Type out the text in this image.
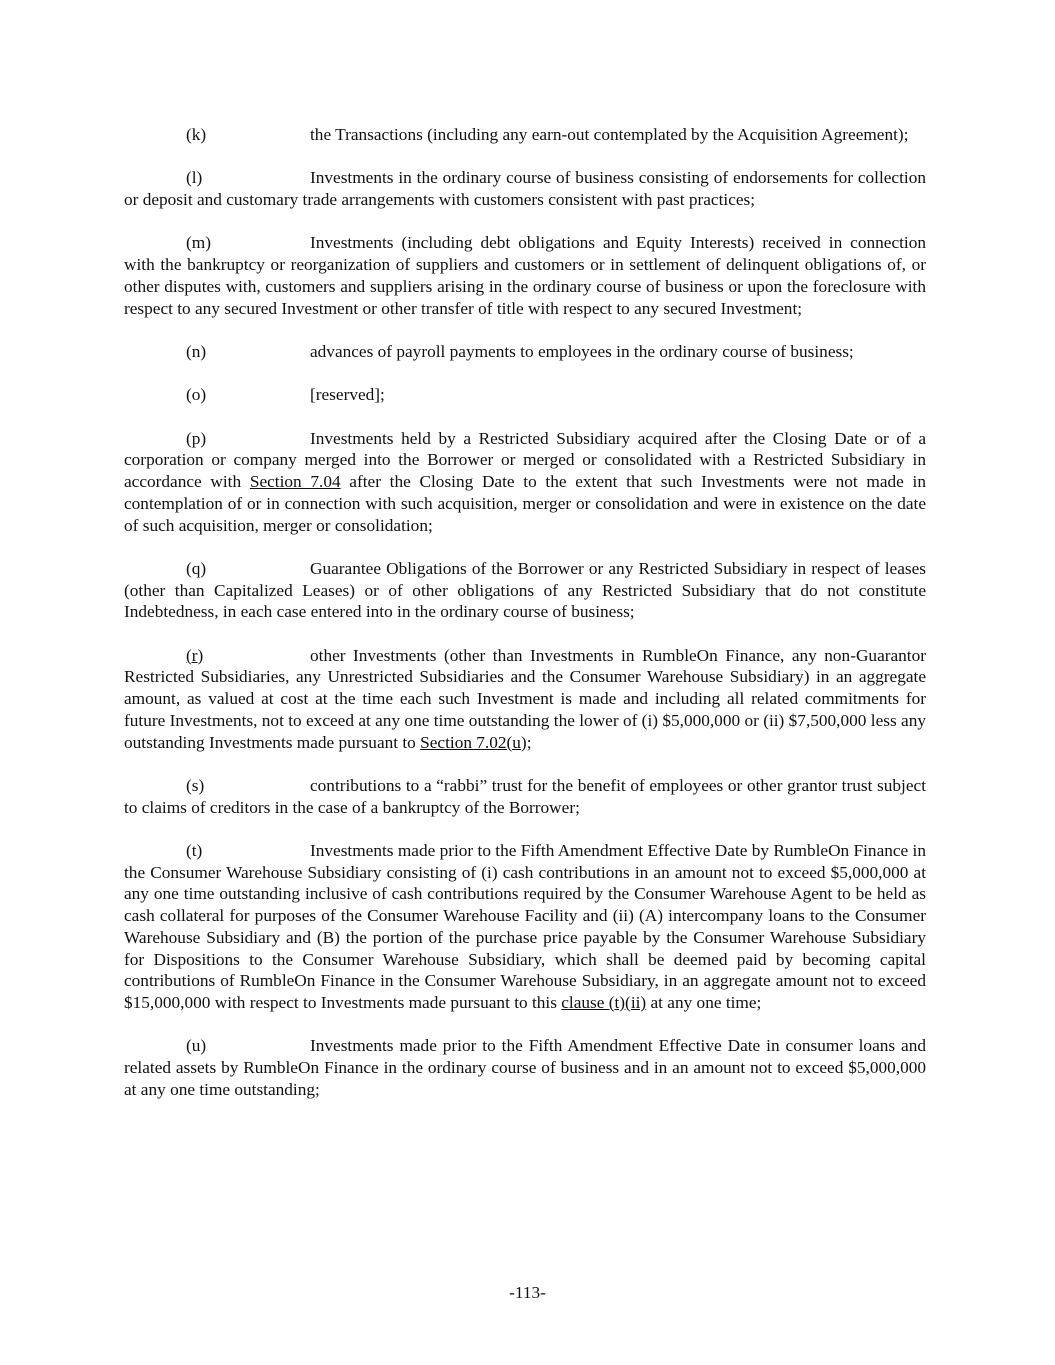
(k)	the Transactions (including any earn-out contemplated by the Acquisition Agreement);

(l)	Investments in the ordinary course of business consisting of endorsements for collection or deposit and customary trade arrangements with customers consistent with past practices;

(m)	Investments (including debt obligations and Equity Interests) received in connection with the bankruptcy or reorganization of suppliers and customers or in settlement of delinquent obligations of, or other disputes with, customers and suppliers arising in the ordinary course of business or upon the foreclosure with respect to any secured Investment or other transfer of title with respect to any secured Investment;

(n)	advances of payroll payments to employees in the ordinary course of business;

(o)	[reserved];

(p)	Investments held by a Restricted Subsidiary acquired after the Closing Date or of a corporation or company merged into the Borrower or merged or consolidated with a Restricted Subsidiary in accordance with Section 7.04 after the Closing Date to the extent that such Investments were not made in contemplation of or in connection with such acquisition, merger or consolidation and were in existence on the date of such acquisition, merger or consolidation;

(q)	Guarantee Obligations of the Borrower or any Restricted Subsidiary in respect of leases (other than Capitalized Leases) or of other obligations of any Restricted Subsidiary that do not constitute Indebtedness, in each case entered into in the ordinary course of business;

(r)	other Investments (other than Investments in RumbleOn Finance, any non-Guarantor Restricted Subsidiaries, any Unrestricted Subsidiaries and the Consumer Warehouse Subsidiary) in an aggregate amount, as valued at cost at the time each such Investment is made and including all related commitments for future Investments, not to exceed at any one time outstanding the lower of (i) $5,000,000 or (ii) $7,500,000 less any outstanding Investments made pursuant to Section 7.02(u);

(s)	contributions to a “rabbi” trust for the benefit of employees or other grantor trust subject to claims of creditors in the case of a bankruptcy of the Borrower;

(t)	Investments made prior to the Fifth Amendment Effective Date by RumbleOn Finance in the Consumer Warehouse Subsidiary consisting of (i) cash contributions in an amount not to exceed $5,000,000 at any one time outstanding inclusive of cash contributions required by the Consumer Warehouse Agent to be held as cash collateral for purposes of the Consumer Warehouse Facility and (ii) (A) intercompany loans to the Consumer Warehouse Subsidiary and (B) the portion of the purchase price payable by the Consumer Warehouse Subsidiary for Dispositions to the Consumer Warehouse Subsidiary, which shall be deemed paid by becoming capital contributions of RumbleOn Finance in the Consumer Warehouse Subsidiary, in an aggregate amount not to exceed $15,000,000 with respect to Investments made pursuant to this clause (t)(ii) at any one time;

(u)	Investments made prior to the Fifth Amendment Effective Date in consumer loans and related assets by RumbleOn Finance in the ordinary course of business and in an amount not to exceed $5,000,000 at any one time outstanding;

-113-
